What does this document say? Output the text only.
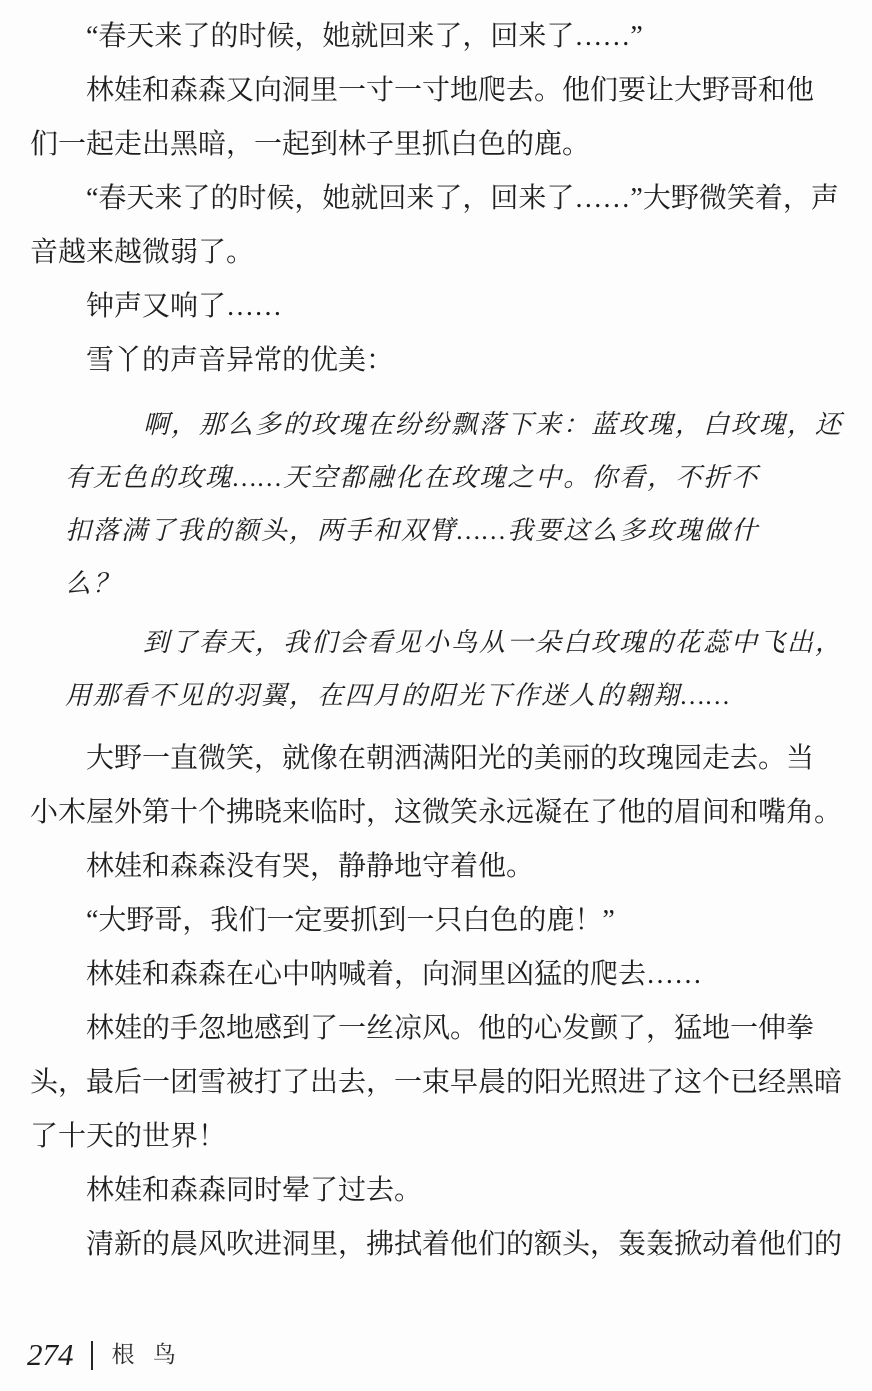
“春天来了的时候，她就回来了，回来了……”
林娃和森森又向洞里一寸一寸地爬去。他们要让大野哥和他
们一起走出黑暗，一起到林子里抓白色的鹿。
“春天来了的时候，她就回来了，回来了……”大野微笑着，声
音越来越微弱了。
钟声又响了……
雪丫的声音异常的优美：
啊，那么多的玫瑰在纷纷飘落下来：蓝玫瑰，白玫瑰，还
有无色的玫瑰……天空都融化在玫瑰之中。你看，不折不
扣落满了我的额头，两手和双臂……我要这么多玫瑰做什
么？
到了春天，我们会看见小鸟从一朵白玫瑰的花蕊中飞出，
用那看不见的羽翼，在四月的阳光下作迷人的翱翔……
大野一直微笑，就像在朝洒满阳光的美丽的玫瑰园走去。当
小木屋外第十个拂晓来临时，这微笑永远凝在了他的眉间和嘴角。
林娃和森森没有哭，静静地守着他。
“大野哥，我们一定要抓到一只白色的鹿！”
林娃和森森在心中呐喊着，向洞里凶猛的爬去……
林娃的手忽地感到了一丝凉风。他的心发颤了，猛地一伸拳
头，最后一团雪被打了出去，一束早晨的阳光照进了这个已经黑暗
了十天的世界！
林娃和森森同时晕了过去。
清新的晨风吹进洞里，拂拭着他们的额头，轰轰掀动着他们的
274 根鸟
